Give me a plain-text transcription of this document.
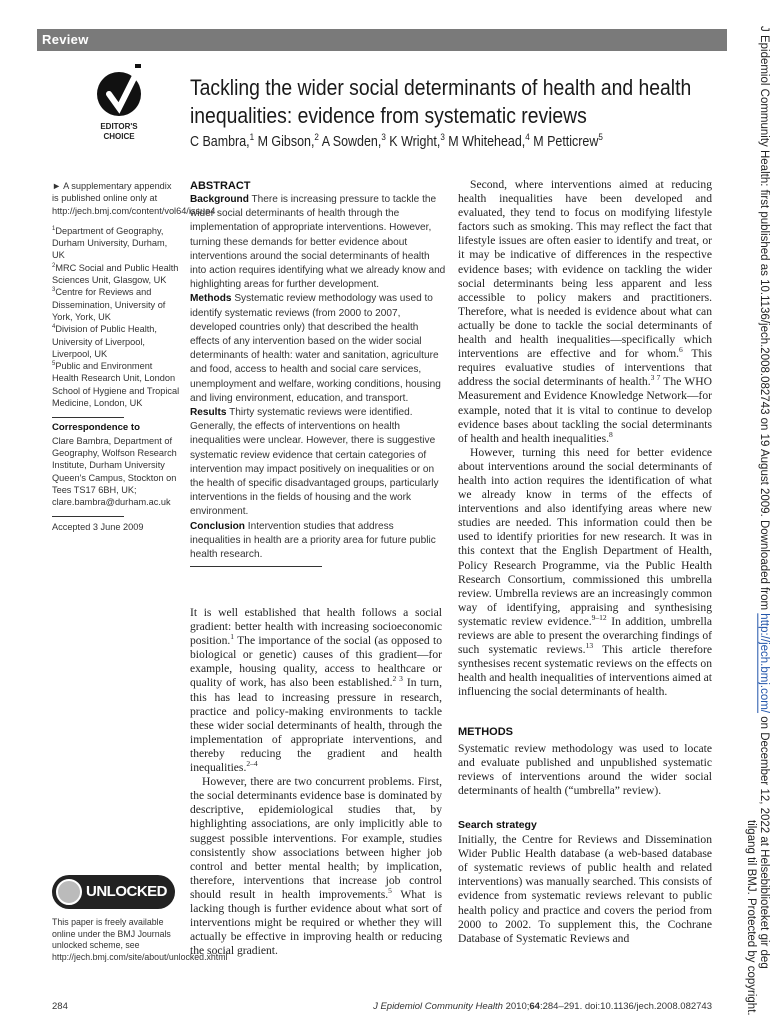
Review
EDITOR'S
CHOICE
Tackling the wider social determinants of health and health inequalities: evidence from systematic reviews
C Bambra,$^1$ M Gibson,$^2$ A Sowden,$^3$ K Wright,$^3$ M Whitehead,$^4$ M Petticrew$^5$

► A supplementary appendix is published online only at http://jech.bmj.com/content/vol64/issue4

$^1$Department of Geography, Durham University, Durham, UK
$^2$MRC Social and Public Health Sciences Unit, Glasgow, UK
$^3$Centre for Reviews and Dissemination, University of York, York, UK
$^4$Division of Public Health, University of Liverpool, Liverpool, UK
$^5$Public and Environment Health Research Unit, London School of Hygiene and Tropical Medicine, London, UK

Correspondence to
Clare Bambra, Department of Geography, Wolfson Research Institute, Durham University Queen's Campus, Stockton on Tees TS17 6BH, UK;
clare.bambra@durham.ac.uk
Accepted 3 June 2009
ABSTRACT

Background There is increasing pressure to tackle the wider social determinants of health through the implementation of appropriate interventions. However, turning these demands for better evidence about interventions around the social determinants of health into action requires identifying what we already know and highlighting areas for further development.

Methods Systematic review methodology was used to identify systematic reviews (from 2000 to 2007, developed countries only) that described the health effects of any intervention based on the wider social determinants of health: water and sanitation, agriculture and food, access to health and social care services, unemployment and welfare, working conditions, housing and living environment, education, and transport.

Results Thirty systematic reviews were identified. Generally, the effects of interventions on health inequalities were unclear. However, there is suggestive systematic review evidence that certain categories of intervention may impact positively on inequalities or on the health of specific disadvantaged groups, particularly interventions in the fields of housing and the work environment.

Conclusion Intervention studies that address inequalities in health are a priority area for future public health research.

It is well established that health follows a social gradient: better health with increasing socioeconomic position.$^1$ The importance of the social (as opposed to biological or genetic) causes of this gradient—for example, housing quality, access to healthcare or quality of work, has also been established.$^{2 3}$ In turn, this has lead to increasing pressure in research, practice and policy-making environments to tackle these wider social determinants of health, through the implementation of appropriate interventions, and thereby reducing the gradient and health inequalities.$^{2-4}$

However, there are two concurrent problems. First, the social determinants evidence base is dominated by descriptive, epidemiological studies that, by highlighting associations, are only implicitly able to suggest possible interventions. For example, studies consistently show associations between higher job control and better mental health; by implication, therefore, interventions that increase job control should result in health improvements.$^5$ What is lacking though is further evidence about what sort of interventions might be required or whether they will actually be effective in improving health or reducing the social gradient.

Second, where interventions aimed at reducing health inequalities have been developed and evaluated, they tend to focus on modifying lifestyle factors such as smoking. This may reflect the fact that lifestyle issues are often easier to identify and treat, or it may be indicative of differences in the respective evidence bases; with evidence on tackling the wider social determinants being less apparent and less accessible to policy makers and practitioners. Therefore, what is needed is evidence about what can actually be done to tackle the social determinants of health and health inequalities—specifically which interventions are effective and for whom.$^6$ This requires evaluative studies of interventions that address the social determinants of health.$^{3 7}$ The WHO Measurement and Evidence Knowledge Network—for example, noted that it is vital to continue to develop evidence bases about tackling the social determinants of health and health inequalities.$^8$

However, turning this need for better evidence about interventions around the social determinants of health into action requires the identification of what we already know in terms of the effects of interventions and also identifying areas where new studies are needed. This information could then be used to identify priorities for new research. It was in this context that the English Department of Health, Policy Research Programme, via the Public Health Research Consortium, commissioned this umbrella review. Umbrella reviews are an increasingly common way of identifying, appraising and synthesising systematic review evidence.$^{9-12}$ In addition, umbrella reviews are able to present the overarching findings of such systematic reviews.$^{13}$ This article therefore synthesises recent systematic reviews on the effects on health and health inequalities of interventions aimed at influencing the social determinants of health.

METHODS

Systematic review methodology was used to locate and evaluate published and unpublished systematic reviews of interventions around the wider social determinants of health (“umbrella” review).

Search strategy

Initially, the Centre for Reviews and Dissemination Wider Public Health database (a web-based database of systematic reviews of public health and related interventions) was manually searched. This consists of evidence from systematic reviews relevant to public health policy and practice and covers the period from 2000 to 2002. To supplement this, the Cochrane Database of Systematic Reviews and

UNLOCKED
This paper is freely available online under the BMJ Journals unlocked scheme, see http://jech.bmj.com/site/about/unlocked.xhtml
284	J Epidemiol Community Health 2010;64:284–291. doi:10.1136/jech.2008.082743
J Epidemiol Community Health: first published as 10.1136/jech.2008.082743 on 19 August 2009. Downloaded from http://jech.bmj.com/ on December 12, 2022 at Helsebiblioteket gir deg
tilgang til BMJ. Protected by copyright.
